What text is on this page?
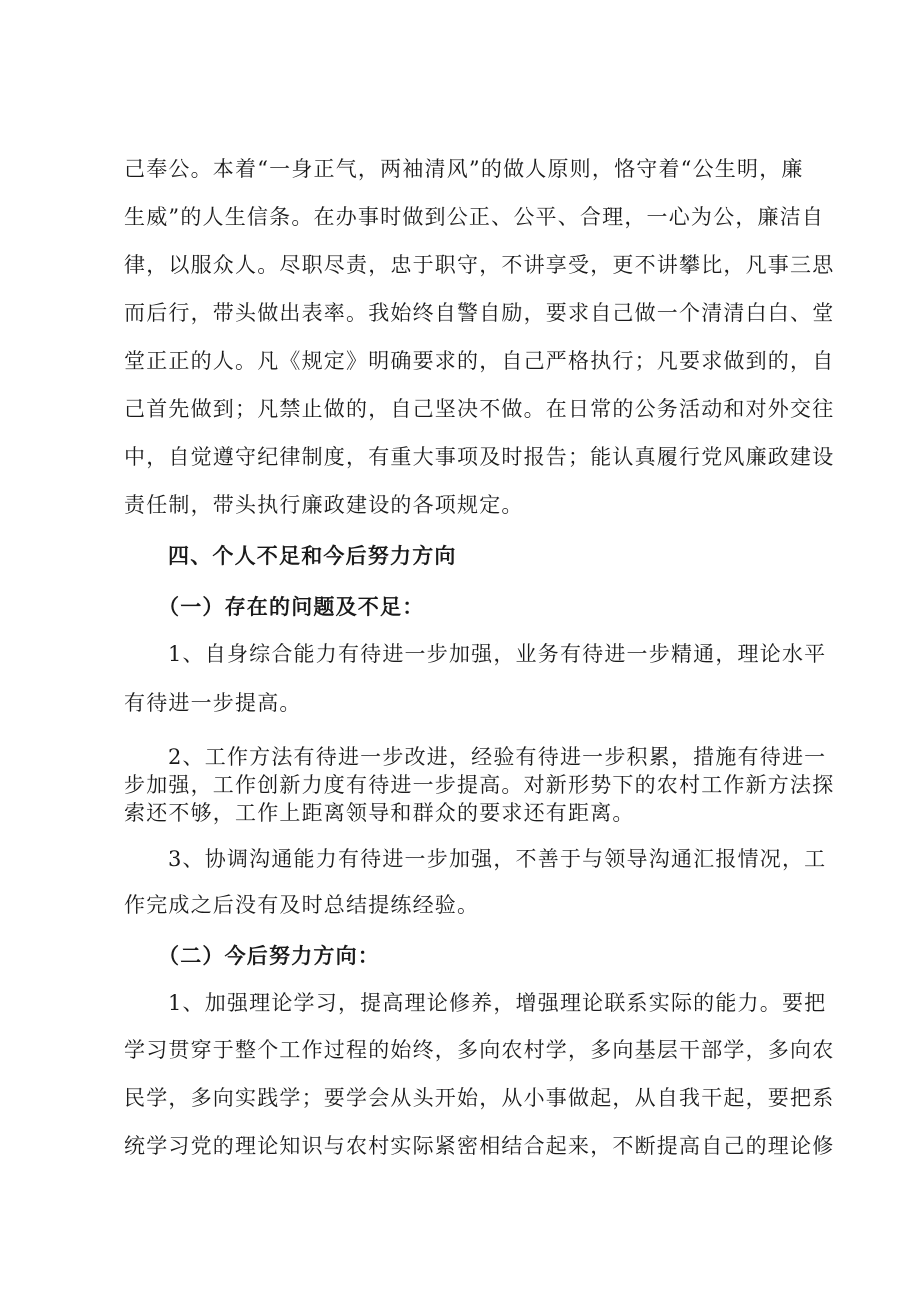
己奉公。本着“一身正气，两袖清风”的做人原则，恪守着“公生明，廉
生威”的人生信条。在办事时做到公正、公平、合理，一心为公，廉洁自
律，以服众人。尽职尽责，忠于职守，不讲享受，更不讲攀比，凡事三思
而后行，带头做出表率。我始终自警自励，要求自己做一个清清白白、堂
堂正正的人。凡《规定》明确要求的，自己严格执行；凡要求做到的，自
己首先做到；凡禁止做的，自己坚决不做。在日常的公务活动和对外交往
中，自觉遵守纪律制度，有重大事项及时报告；能认真履行党风廉政建设
责任制，带头执行廉政建设的各项规定。
四、个人不足和今后努力方向
（一）存在的问题及不足：
1、自身综合能力有待进一步加强，业务有待进一步精通，理论水平
有待进一步提高。
2、工作方法有待进一步改进，经验有待进一步积累，措施有待进一
步加强，工作创新力度有待进一步提高。对新形势下的农村工作新方法探
索还不够，工作上距离领导和群众的要求还有距离。
3、协调沟通能力有待进一步加强，不善于与领导沟通汇报情况，工
作完成之后没有及时总结提练经验。
（二）今后努力方向：
1、加强理论学习，提高理论修养，增强理论联系实际的能力。要把
学习贯穿于整个工作过程的始终，多向农村学，多向基层干部学，多向农
民学，多向实践学；要学会从头开始，从小事做起，从自我干起，要把系
统学习党的理论知识与农村实际紧密相结合起来，不断提高自己的理论修
